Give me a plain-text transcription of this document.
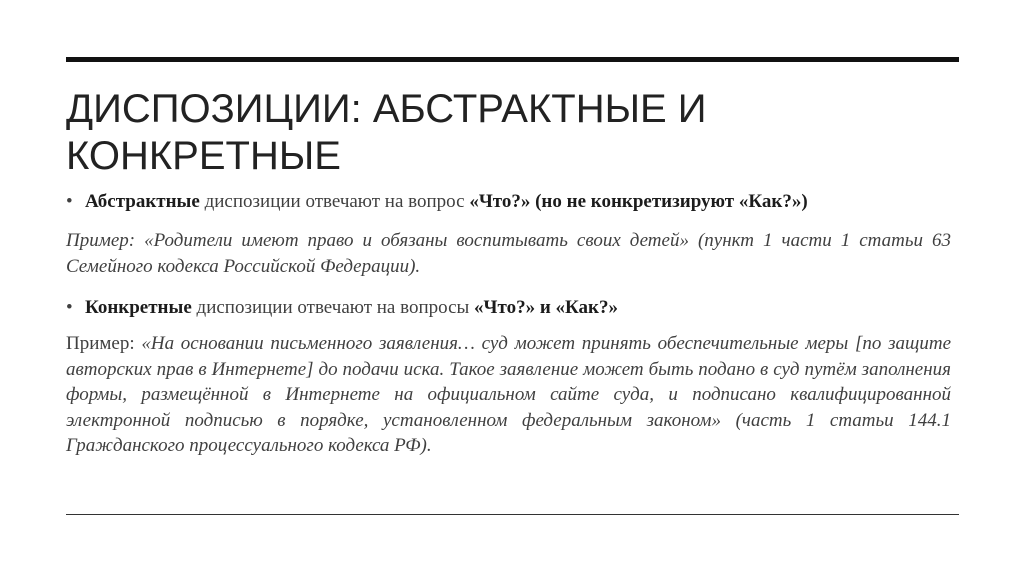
ДИСПОЗИЦИИ: АБСТРАКТНЫЕ И КОНКРЕТНЫЕ
• Абстрактные диспозиции отвечают на вопрос «Что?» (но не конкретизируют «Как?»)

Пример: «Родители имеют право и обязаны воспитывать своих детей» (пункт 1 части 1 статьи 63 Семейного кодекса Российской Федерации).

• Конкретные диспозиции отвечают на вопросы «Что?» и «Как?»

Пример: «На основании письменного заявления… суд может принять обеспечительные меры [по защите авторских прав в Интернете] до подачи иска. Такое заявление может быть подано в суд путём заполнения формы, размещённой в Интернете на официальном сайте суда, и подписано квалифицированной электронной подписью в порядке, установленном федеральным законом» (часть 1 статьи 144.1 Гражданского процессуального кодекса РФ).
